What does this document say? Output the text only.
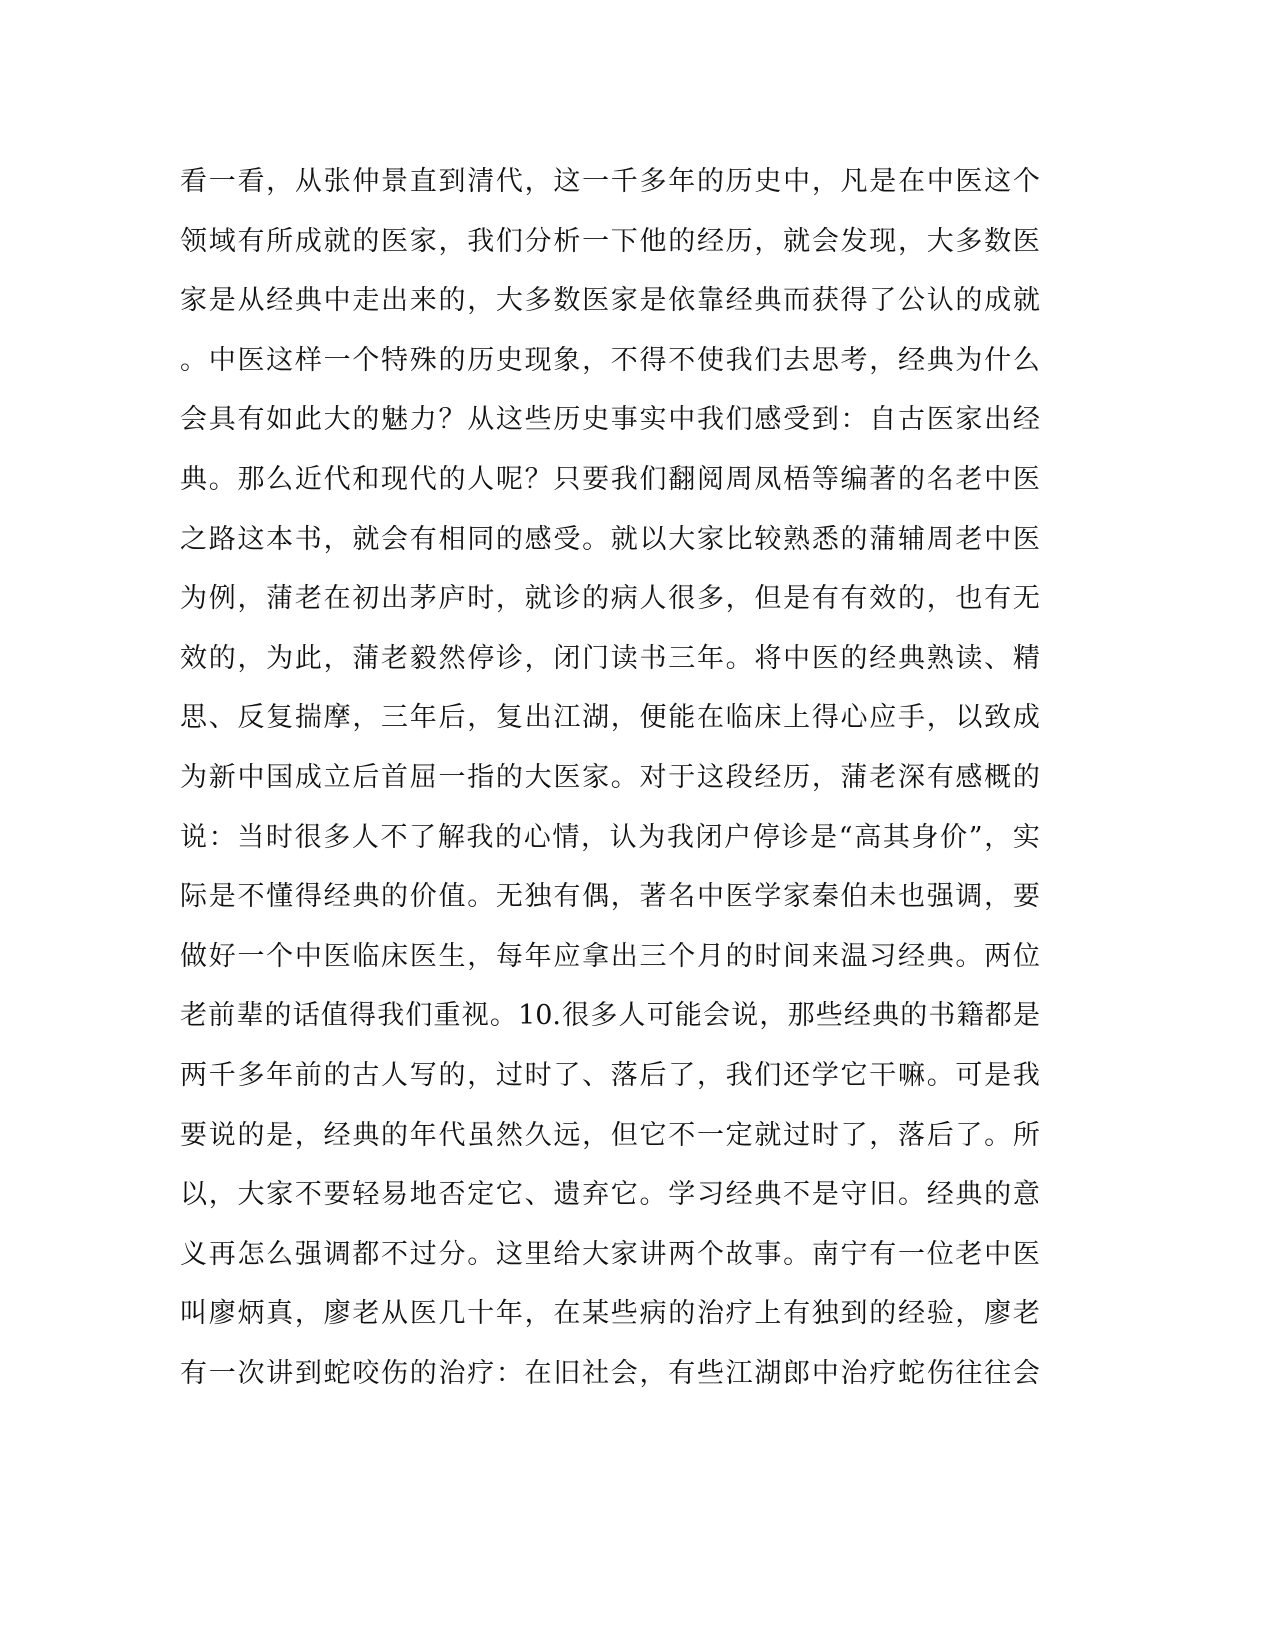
看 一 看 ， 从 张 仲 景 直 到 清 代 ， 这 一 千 多 年 的 历 史 中 ， 凡 是 在 中 医 这 个
领 域 有 所 成 就 的 医 家 ， 我 们 分 析 一 下 他 的 经 历 ， 就 会 发 现 ， 大 多 数 医
家 是 从 经 典 中 走 出 来 的 ， 大 多 数 医 家 是 依 靠 经 典 而 获 得 了 公 认 的 成 就
。 中 医 这 样 一 个 特 殊 的 历 史 现 象 ， 不 得 不 使 我 们 去 思 考 ， 经 典 为 什 么
会 具 有 如 此 大 的 魅 力 ？ 从 这 些 历 史 事 实 中 我 们 感 受 到 ： 自 古 医 家 出 经
典 。 那 么 近 代 和 现 代 的 人 呢 ？ 只 要 我 们 翻 阅 周 凤 梧 等 编 著 的 名 老 中 医
之 路 这 本 书 ， 就 会 有 相 同 的 感 受 。 就 以 大 家 比 较 熟 悉 的 蒲 辅 周 老 中 医
为 例 ， 蒲 老 在 初 出 茅 庐 时 ， 就 诊 的 病 人 很 多 ， 但 是 有 有 效 的 ， 也 有 无
效 的 ， 为 此 ， 蒲 老 毅 然 停 诊 ， 闭 门 读 书 三 年 。 将 中 医 的 经 典 熟 读 、 精
思 、 反 复 揣 摩 ， 三 年 后 ， 复 出 江 湖 ， 便 能 在 临 床 上 得 心 应 手 ， 以 致 成
为 新 中 国 成 立 后 首 屈 一 指 的 大 医 家 。 对 于 这 段 经 历 ， 蒲 老 深 有 感 概 的
说 ： 当 时 很 多 人 不 了 解 我 的 心 情 ， 认 为 我 闭 户 停 诊 是 “ 高 其 身 价 ” ， 实
际 是 不 懂 得 经 典 的 价 值 。 无 独 有 偶 ， 著 名 中 医 学 家 秦 伯 未 也 强 调 ， 要
做 好 一 个 中 医 临 床 医 生 ， 每 年 应 拿 出 三 个 月 的 时 间 来 温 习 经 典 。 两 位
老 前 辈 的 话 值 得 我 们 重 视 。 10. 很 多 人 可 能 会 说 ， 那 些 经 典 的 书 籍 都 是
两 千 多 年 前 的 古 人 写 的 ， 过 时 了 、 落 后 了 ， 我 们 还 学 它 干 嘛 。 可 是 我
要 说 的 是 ， 经 典 的 年 代 虽 然 久 远 ， 但 它 不 一 定 就 过 时 了 ， 落 后 了 。 所
以 ， 大 家 不 要 轻 易 地 否 定 它 、 遗 弃 它 。 学 习 经 典 不 是 守 旧 。 经 典 的 意
义 再 怎 么 强 调 都 不 过 分 。 这 里 给 大 家 讲 两 个 故 事 。 南 宁 有 一 位 老 中 医
叫 廖 炳 真 ， 廖 老 从 医 几 十 年 ， 在 某 些 病 的 治 疗 上 有 独 到 的 经 验 ， 廖 老
有 一 次 讲 到 蛇 咬 伤 的 治 疗 ： 在 旧 社 会 ， 有 些 江 湖 郎 中 治 疗 蛇 伤 往 往 会
